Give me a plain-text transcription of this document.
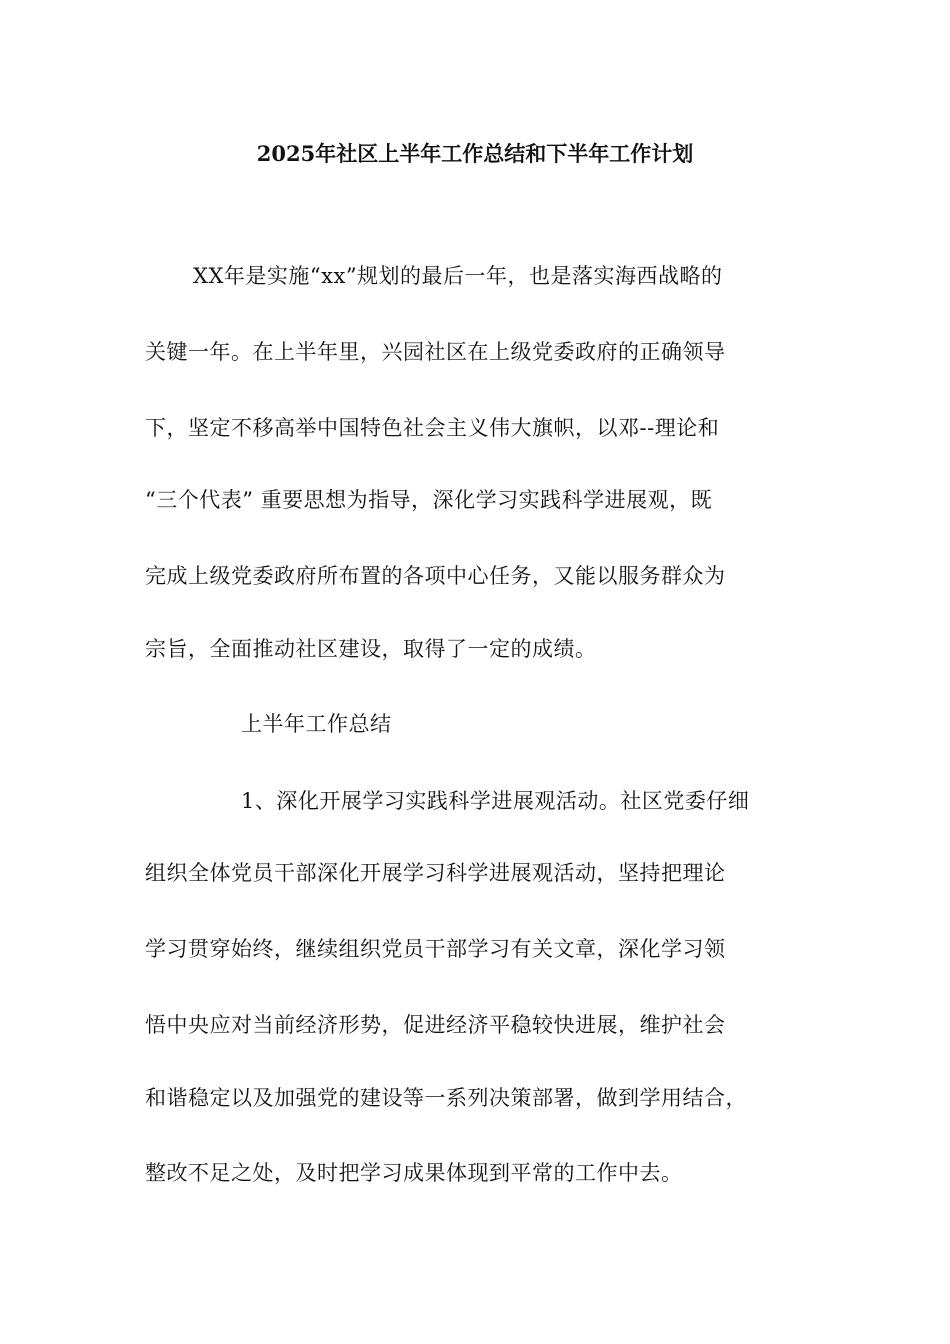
2025年社区上半年工作总结和下半年工作计划
XX年是实施“xx”规划的最后一年，也是落实海西战略的
关键一年。在上半年里，兴园社区在上级党委政府的正确领导
下，坚定不移高举中国特色社会主义伟大旗帜，以邓--理论和
“三个代表” 重要思想为指导，深化学习实践科学进展观，既
完成上级党委政府所布置的各项中心任务，又能以服务群众为
宗旨，全面推动社区建设，取得了一定的成绩。
上半年工作总结
1、深化开展学习实践科学进展观活动。社区党委仔细
组织全体党员干部深化开展学习科学进展观活动，坚持把理论
学习贯穿始终，继续组织党员干部学习有关文章，深化学习领
悟中央应对当前经济形势，促进经济平稳较快进展，维护社会
和谐稳定以及加强党的建设等一系列决策部署，做到学用结合，
整改不足之处，及时把学习成果体现到平常的工作中去。
